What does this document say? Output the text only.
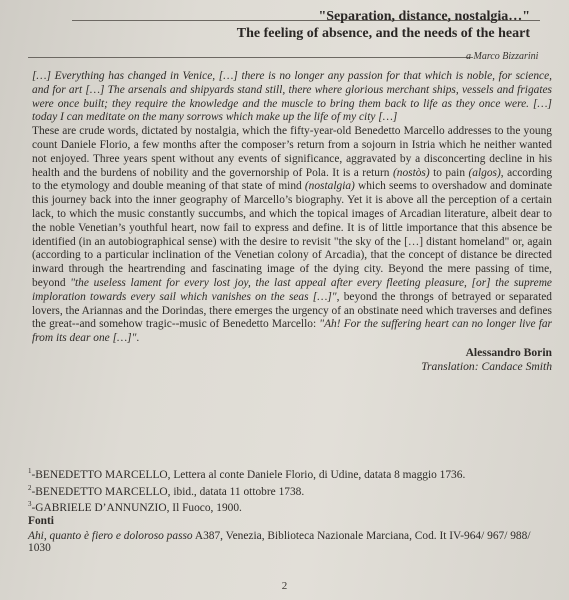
"Separation, distance, nostalgia…"
The feeling of absence, and the needs of the heart
a Marco Bizzarini

[…] Everything has changed in Venice, […] there is no longer any passion for that which is noble, for science, and for art […] The arsenals and shipyards stand still, there where glorious merchant ships, vessels and frigates were once built; they require the knowledge and the muscle to bring them back to life as they once were. […] today I can meditate on the many sorrows which make up the life of my city […]

These are crude words, dictated by nostalgia, which the fifty-year-old Benedetto Marcello addresses to the young count Daniele Florio, a few months after the composer’s return from a sojourn in Istria which he neither wanted not enjoyed. Three years spent without any events of significance, aggravated by a disconcerting decline in his health and the burdens of nobility and the governorship of Pola. It is a return (nostòs) to pain (algos), according to the etymology and double meaning of that state of mind (nostalgia) which seems to overshadow and dominate this journey back into the inner geography of Marcello’s biography. Yet it is above all the perception of a certain lack, to which the music constantly succumbs, and which the topical images of Arcadian literature, albeit dear to the noble Venetian’s youthful heart, now fail to express and define. It is of little importance that this absence be identified (in an autobiographical sense) with the desire to revisit "the sky of the […] distant homeland" or, again (according to a particular inclination of the Venetian colony of Arcadia), that the concept of distance be directed inward through the heartrending and fascinating image of the dying city. Beyond the mere passing of time, beyond "the useless lament for every lost joy, the last appeal after every fleeting pleasure, [or] the supreme imploration towards every sail which vanishes on the seas […]", beyond the throngs of betrayed or separated lovers, the Ariannas and the Dorindas, there emerges the urgency of an obstinate need which traverses and defines the great--and somehow tragic--music of Benedetto Marcello: "Ah! For the suffering heart can no longer live far from its dear one […]".

Alessandro Borin
Translation: Candace Smith
$^1$-BENEDETTO MARCELLO, Lettera al conte Daniele Florio, di Udine, datata 8 maggio 1736.
$^2$-BENEDETTO MARCELLO, ibid., datata 11 ottobre 1738.
$^3$-GABRIELE D’ANNUNZIO, Il Fuoco, 1900.
Fonti
Ahi, quanto è fiero e doloroso passo A387, Venezia, Biblioteca Nazionale Marciana, Cod. It IV-964/ 967/ 988/ 1030
2
